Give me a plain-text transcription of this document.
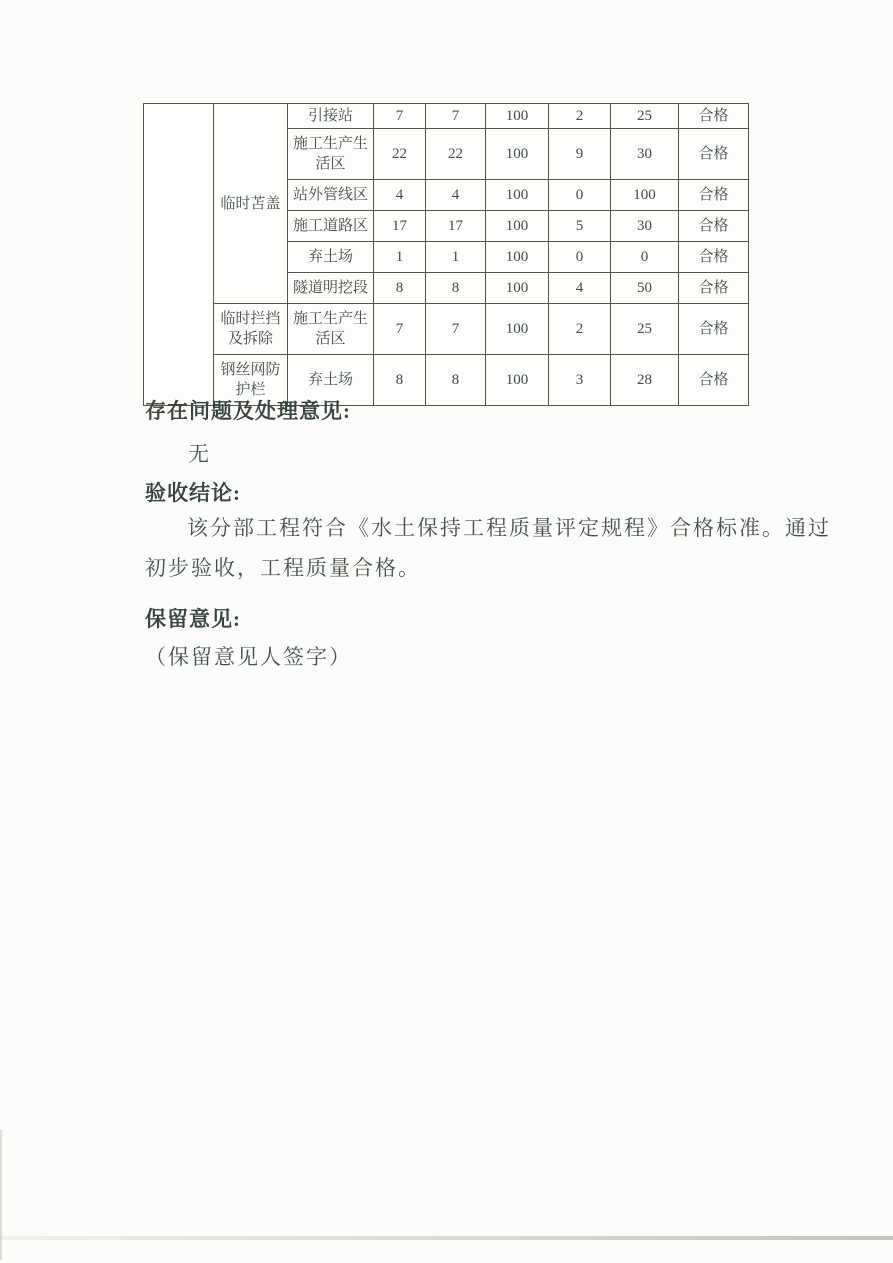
	临时苫盖	引接站	7	7	100	2	25	合格
		施工生产生活区	22	22	100	9	30	合格
		站外管线区	4	4	100	0	100	合格
		施工道路区	17	17	100	5	30	合格
		弃土场	1	1	100	0	0	合格
		隧道明挖段	8	8	100	4	50	合格
	临时拦挡及拆除	施工生产生活区	7	7	100	2	25	合格
	钢丝网防护栏	弃土场	8	8	100	3	28	合格
存在问题及处理意见:
无
验收结论:
该分部工程符合《水土保持工程质量评定规程》合格标准。通过初步验收，工程质量合格。
保留意见:
（保留意见人签字）
